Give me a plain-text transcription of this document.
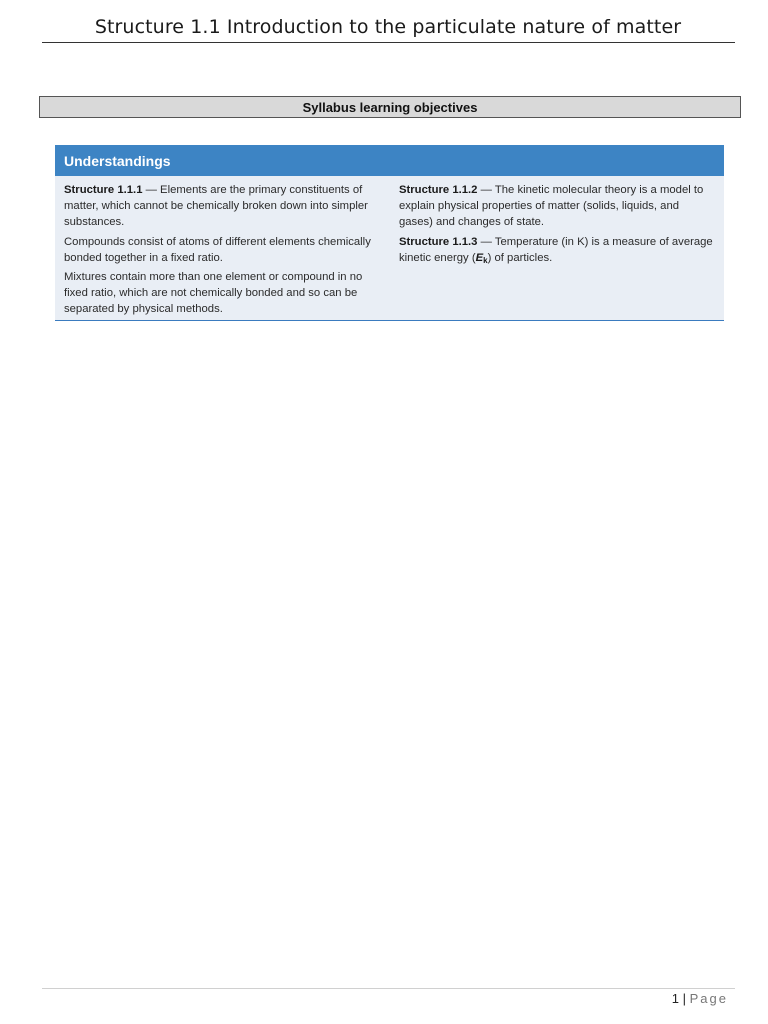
Structure 1.1 Introduction to the particulate nature of matter
Syllabus learning objectives
Understandings

Structure 1.1.1 — Elements are the primary constituents of matter, which cannot be chemically broken down into simpler substances.

Compounds consist of atoms of different elements chemically bonded together in a fixed ratio.

Mixtures contain more than one element or compound in no fixed ratio, which are not chemically bonded and so can be separated by physical methods.

Structure 1.1.2 — The kinetic molecular theory is a model to explain physical properties of matter (solids, liquids, and gases) and changes of state.

Structure 1.1.3 — Temperature (in K) is a measure of average kinetic energy $(E_k)$ of particles.

1 | Page
